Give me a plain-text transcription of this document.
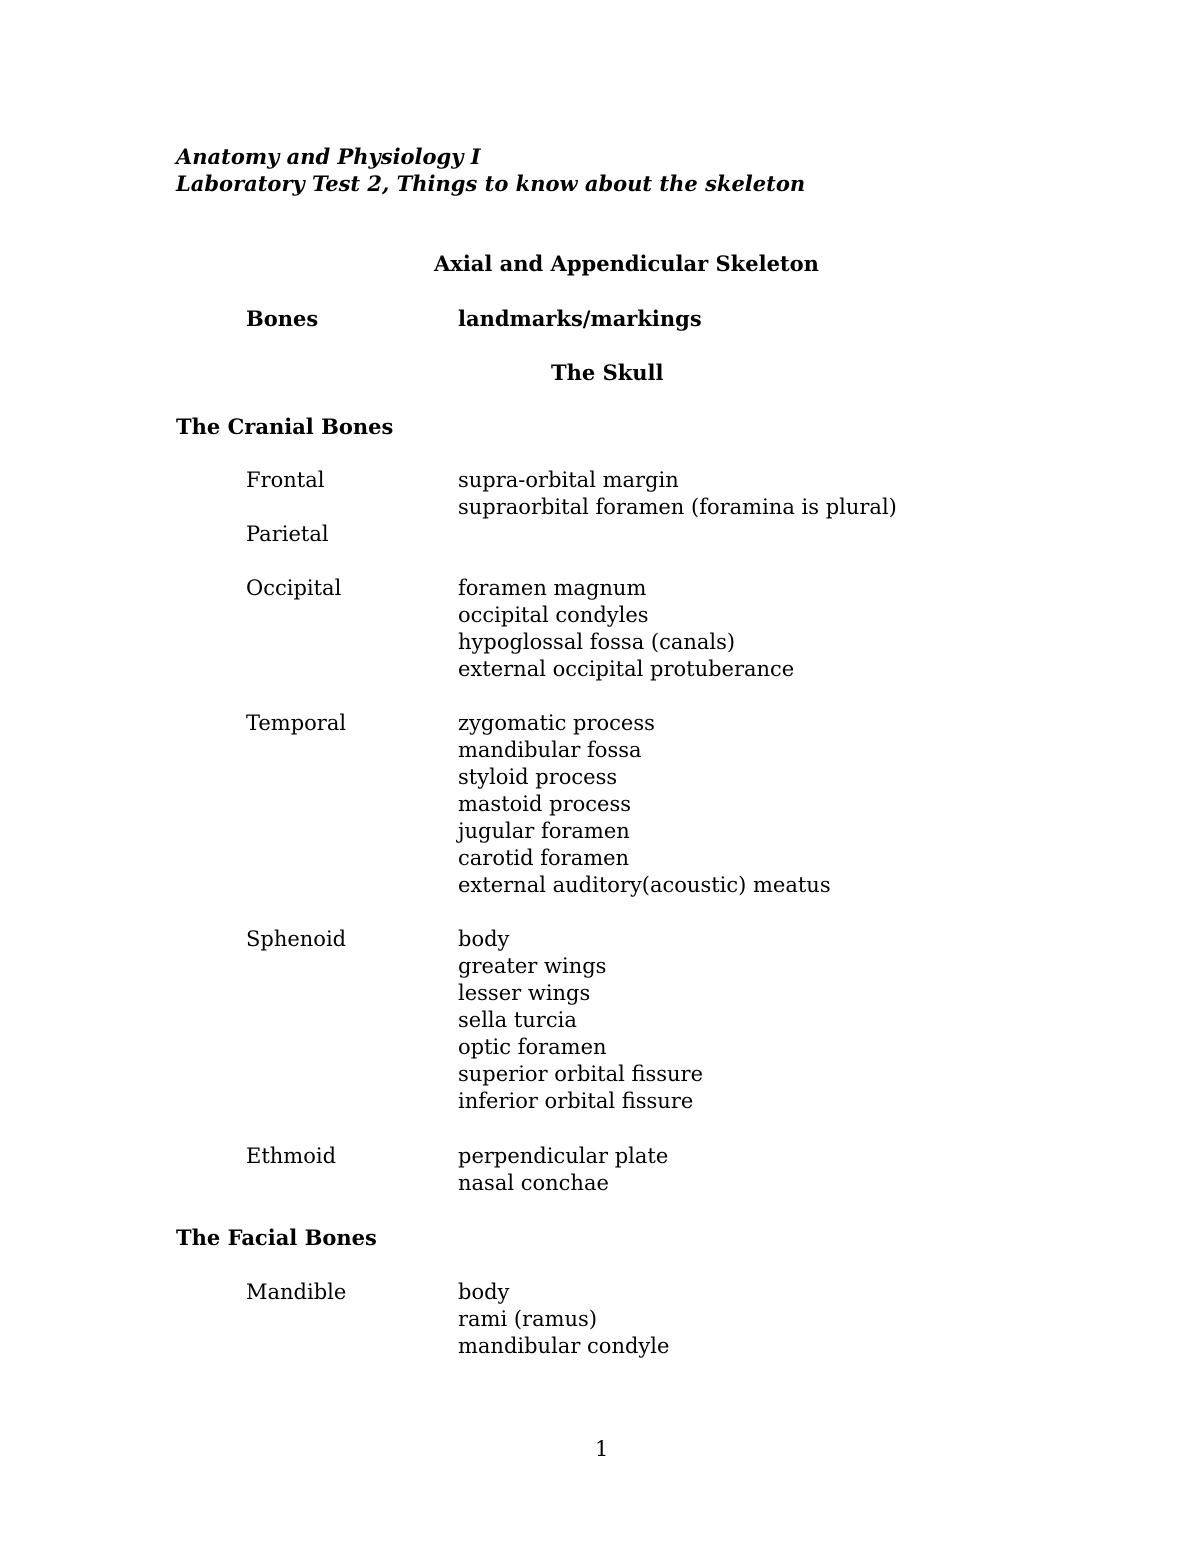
Anatomy and Physiology I
Laboratory Test 2, Things to know about the skeleton
Axial and Appendicular Skeleton
Bones	landmarks/markings
The Skull
The Cranial Bones
Frontal	supra-orbital margin
supraorbital foramen (foramina is plural)
Parietal
Occipital	foramen magnum
occipital condyles
hypoglossal fossa (canals)
external occipital protuberance
Temporal	zygomatic process
mandibular fossa
styloid process
mastoid process
jugular foramen
carotid foramen
external auditory(acoustic) meatus
Sphenoid	body
greater wings
lesser wings
sella turcia
optic foramen
superior orbital fissure
inferior orbital fissure
Ethmoid	perpendicular plate
nasal conchae
The Facial Bones
Mandible	body
rami (ramus)
mandibular condyle
1
